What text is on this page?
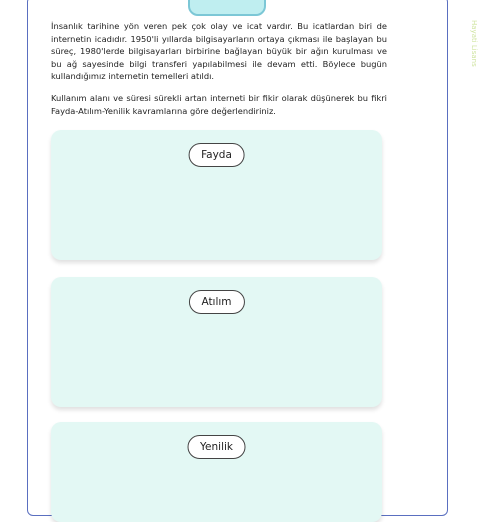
Hayati Lisans

İnsanlık tarihine yön veren pek çok olay ve icat vardır. Bu icatlardan biri de internetin icadıdır. 1950'li yıllarda bilgisayarların ortaya çıkması ile başlayan bu süreç, 1980'lerde bilgisayarları birbirine bağlayan büyük bir ağın kurulması ve bu ağ sayesinde bilgi transferi yapılabilmesi ile devam etti. Böylece bugün kullandığımız internetin temelleri atıldı.

Kullanım alanı ve süresi sürekli artan interneti bir fikir olarak düşünerek bu fikri Fayda-Atılım-Yenilik kavramlarına göre değerlendiriniz.

Fayda
Atılım
Yenilik
